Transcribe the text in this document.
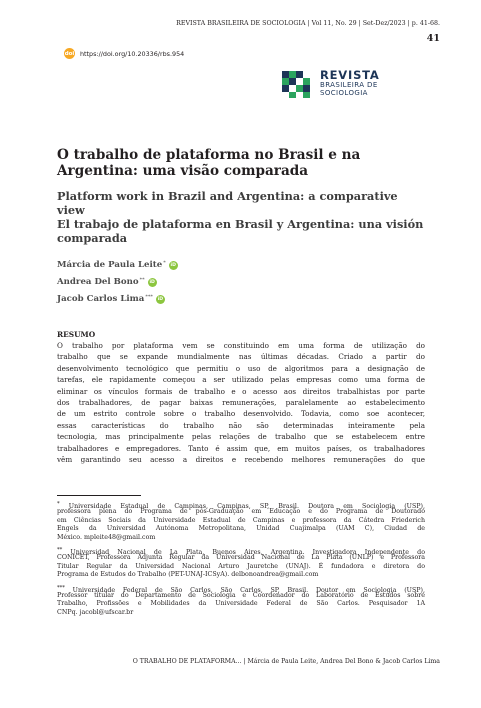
REVISTA BRASILEIRA DE SOCIOLOGIA | Vol 11, No. 29 | Set-Dez/2023 | p. 41-68.
41
doi https://doi.org/10.20336/rbs.954
REVISTA
BRASILEIRA DE
SOCIOLOGIA
O trabalho de plataforma no Brasil e na Argentina: uma visão comparada
Platform work in Brazil and Argentina: a comparative view
El trabajo de plataforma en Brasil y Argentina: una visión comparada
Márcia de Paula Leite*	iD
Andrea Del Bono**	iD
Jacob Carlos Lima***	iD
RESUMO
O trabalho por plataforma vem se constituindo em uma forma de utilização do
trabalho que se expande mundialmente nas últimas décadas. Criado a partir do
desenvolvimento tecnológico que permitiu o uso de algoritmos para a designação de
tarefas, ele rapidamente começou a ser utilizado pelas empresas como uma forma de
eliminar os vínculos formais de trabalho e o acesso aos direitos trabalhistas por parte
dos trabalhadores, de pagar baixas remunerações, paralelamente ao estabelecimento
de um estrito controle sobre o trabalho desenvolvido. Todavia, como soe acontecer,
essas características do trabalho não são determinadas inteiramente pela
tecnologia, mas principalmente pelas relações de trabalho que se estabelecem entre
trabalhadores e empregadores. Tanto é assim que, em muitos países, os trabalhadores
vêm garantindo seu acesso a direitos e recebendo melhores remunerações do que
* Universidade Estadual de Campinas, Campinas, SP, Brasil. Doutora em Sociologia (USP),
professora plena do Programa de pós-Graduação em Educação e do Programa de Doutorado
em Ciências Sociais da Universidade Estadual de Campinas e professora da Cátedra Friederich
Engels da Universidad Autónoma Metropolitana, Unidad Cuajimalpa (UAM C), Ciudad de
México. mpleite48@gmail.com
** Universidad Nacional de La Plata, Buenos Aires, Argentina. Investigadora Independente do
CONICET, Professora Adjunta Regular da Universidad Nacional de La Plata (UNLP) e Professora
Titular Regular da Universidad Nacional Arturo Jauretche (UNAJ). É fundadora e diretora do
Programa de Estudos do Trabalho (PET-UNAJ-ICSyA). delbonoandrea@gmail.com
*** Universidade Federal de São Carlos, São Carlos, SP, Brasil. Doutor em Sociologia (USP),
Professor titular do Departamento de Sociologia e Coordenador do Laboratório de Estudos sobre
Trabalho, Profissões e Mobilidades da Universidade Federal de São Carlos. Pesquisador 1A
CNPq. jacobl@ufscar.br
O TRABALHO DE PLATAFORMA... | Márcia de Paula Leite, Andrea Del Bono & Jacob Carlos Lima
